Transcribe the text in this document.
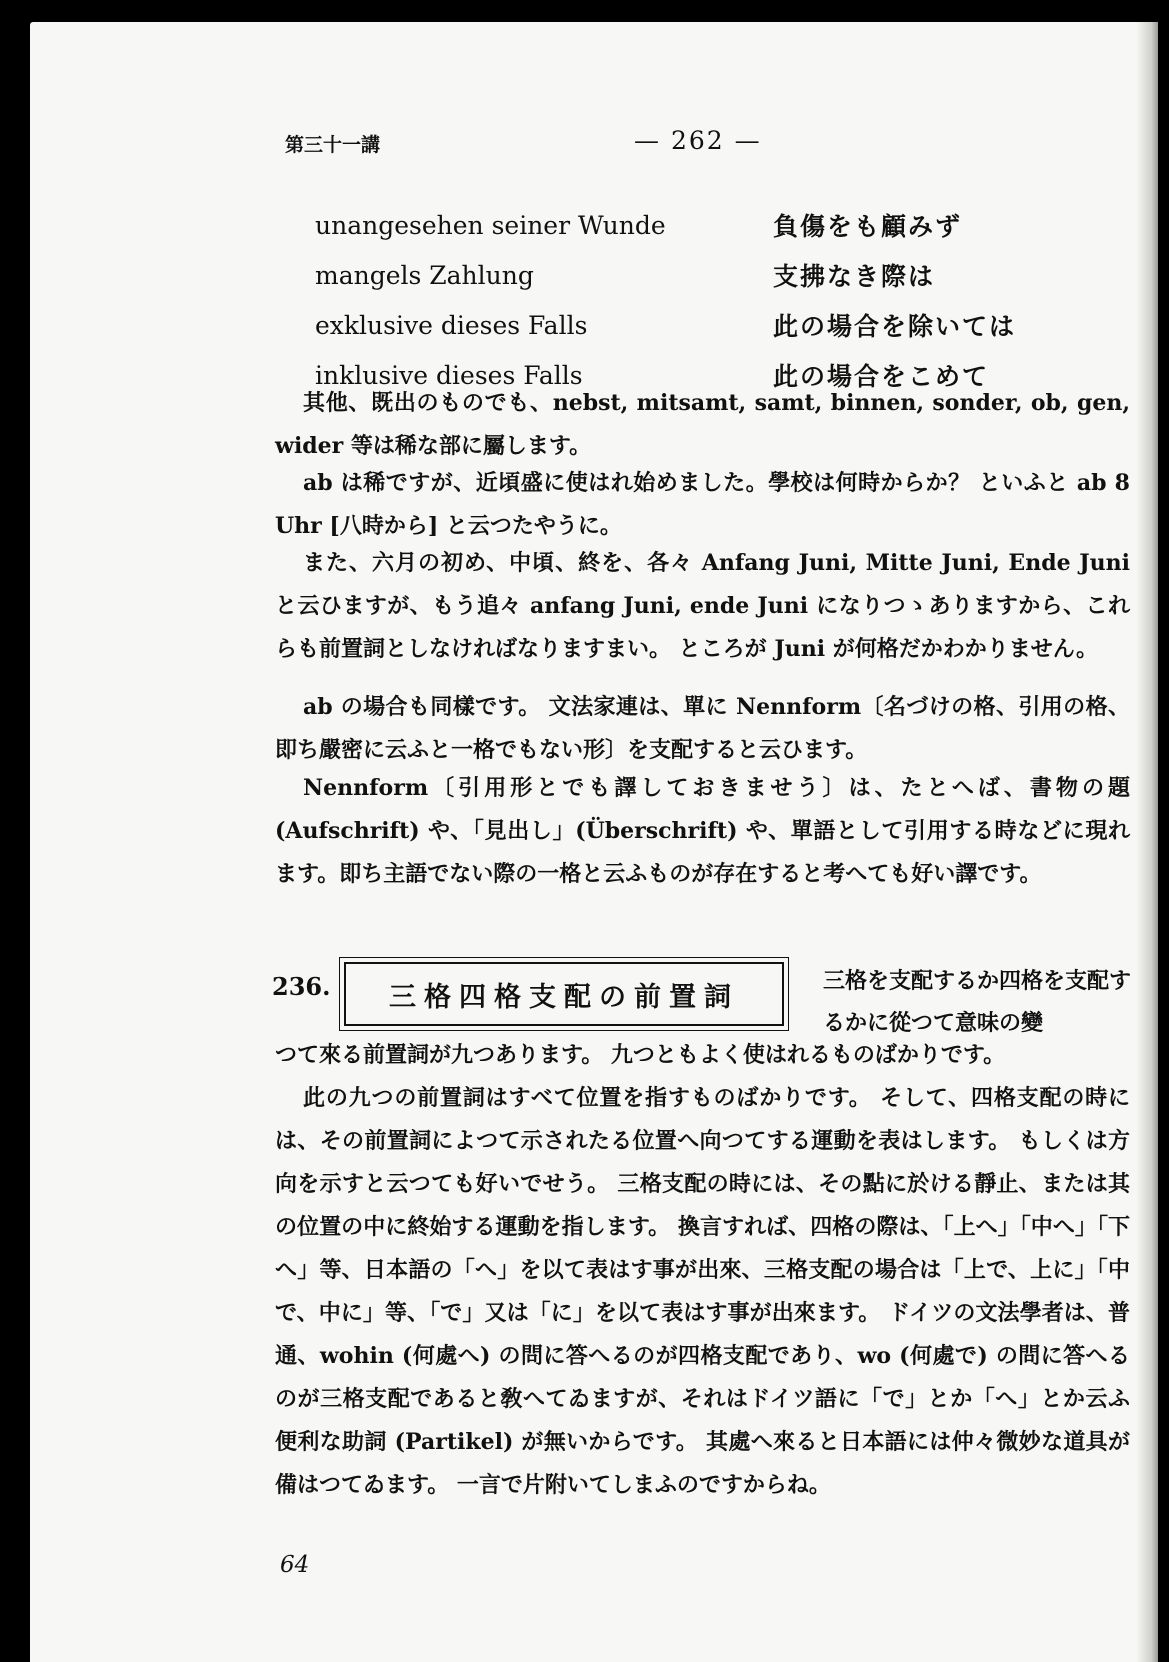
第三十一講	— 262 —
unangesehen seiner Wunde	負傷をも顧みず
mangels Zahlung	支拂なき際は
exklusive dieses Falls	此の場合を除いては
inklusive dieses Falls	此の場合をこめて

其他、既出のものでも、nebst, mitsamt, samt, binnen, sonder, ob, gen, wider 等は稀な部に屬します。

ab は稀ですが、近頃盛に使はれ始めました。學校は何時からか？ といふと ab 8 Uhr [八時から] と云つたやうに。

また、六月の初め、中頃、終を、各々 Anfang Juni, Mitte Juni, Ende Juni と云ひますが、もう追々 anfang Juni, ende Juni になりつゝありますから、これらも前置詞としなければなりますまい。 ところが Juni が何格だかわかりません。

ab の場合も同樣です。 文法家連は、單に Nennform〔名づけの格、引用の格、即ち嚴密に云ふと一格でもない形〕を支配すると云ひます。

Nennform〔引用形とでも譯しておきませう〕は、たとへば、書物の題 (Aufschrift) や、「見出し」(Überschrift) や、單語として引用する時などに現れます。即ち主語でない際の一格と云ふものが存在すると考へても好い譯です。

236. 三格四格支配の前置詞

三格を支配するか四格を支配するかに從つて意味の變

つて來る前置詞が九つあります。 九つともよく使はれるものばかりです。

此の九つの前置詞はすべて位置を指すものばかりです。 そして、四格支配の時には、その前置詞によつて示されたる位置へ向つてする運動を表はします。 もしくは方向を示すと云つても好いでせう。 三格支配の時には、その點に於ける靜止、または其の位置の中に終始する運動を指します。 換言すれば、四格の際は、「上へ」「中へ」「下へ」等、日本語の「へ」を以て表はす事が出來、三格支配の場合は「上で、上に」「中で、中に」等、「で」又は「に」を以て表はす事が出來ます。 ドイツの文法學者は、普通、wohin (何處へ) の問に答へるのが四格支配であり、wo (何處で) の問に答へるのが三格支配であると敎へてゐますが、それはドイツ語に「で」とか「へ」とか云ふ便利な助詞 (Partikel) が無いからです。 其處へ來ると日本語には仲々微妙な道具が備はつてゐます。 一言で片附いてしまふのですからね。

64
